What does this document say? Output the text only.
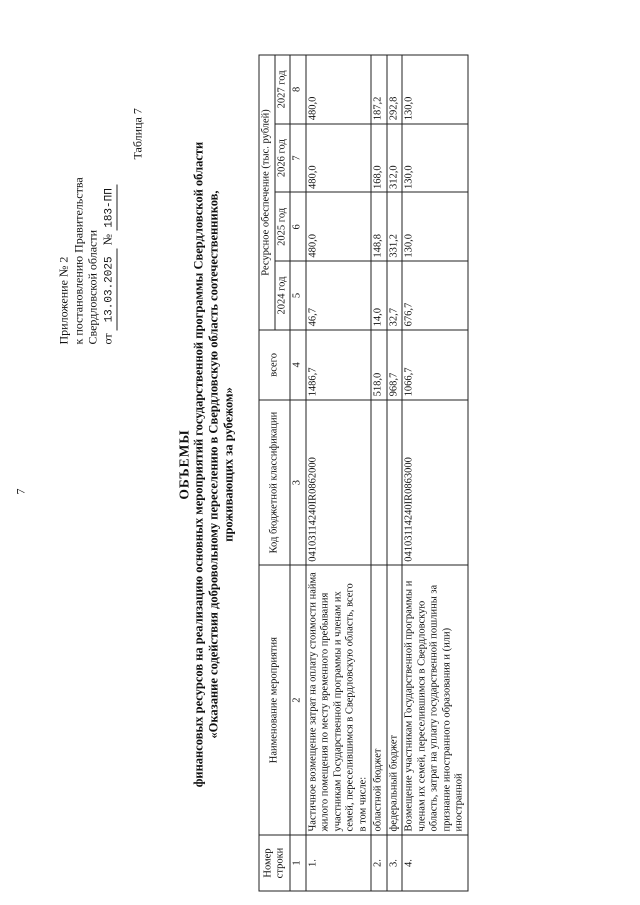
7
Приложение № 2 к постановлению Правительства Свердловской области от 13.03.2025 № 183-ПП
Таблица 7
ОБЪЕМЫ финансовых ресурсов на реализацию основных мероприятий государственной программы Свердловской области «Оказание содействия добровольному переселению в Свердловскую область соотечественников, проживающих за рубежом»
Номер строки	Наименование мероприятия	Код бюджетной классификации	всего	Ресурсное обеспечение (тыс. рублей)			
				2024 год	2025 год	2026 год	2027 год
1	2	3	4	5	6	7	8
1.	Частичное возмещение затрат на оплату стоимости найма жилого помещения по месту временного пребывания участникам Государственной программы и членам их семей, переселившимся в Свердловскую область, всего в том числе:	04103114240IR0862000	1486,7	46,7	480,0	480,0	480,0
2.	областной бюджет		518,0	14,0	148,8	168,0	187,2
3.	федеральный бюджет		968,7	32,7	331,2	312,0	292,8
4.	Возмещение участникам Государственной программы и членам их семей, переселившимся в Свердловскую область, затрат на уплату государственной пошлины за признание иностранного образования и (или) иностранной	04103114240IR0863000	1066,7	676,7	130,0	130,0	130,0
